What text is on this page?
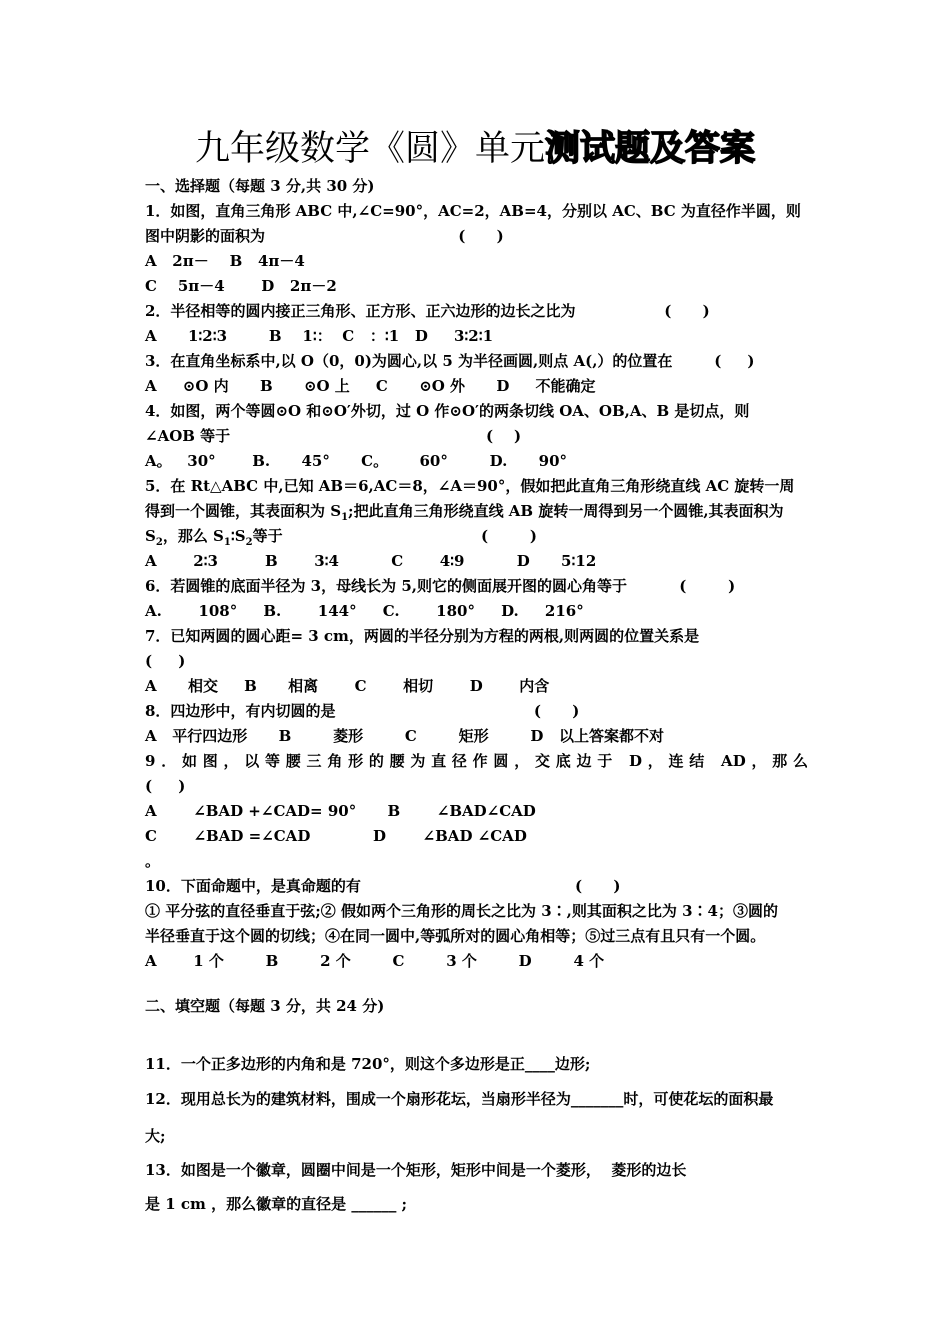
九年级数学《圆》单元测试题及答案
一、选择题（每题 3 分,共 30 分)
1．如图，直角三角形 ABC 中,∠C=90°，AC=2，AB=4，分别以 AC、BC 为直径作半圆，则
图中阴影的面积为                                     (      )
A   2π－    B   4π－4
C    5π－4       D   2π－2
2．半径相等的圆内接正三角形、正方形、正六边形的边长之比为                 (      )
A      1∶2∶3        B    1∶：  C   ：∶1   D     3∶2∶1
3．在直角坐标系中,以 O（0，0)为圆心,以 5 为半径画圆,则点 A(,）的位置在        (     )
A     ⊙O 内      B      ⊙O 上     C      ⊙O 外      D     不能确定
4．如图，两个等圆⊙O 和⊙O′外切，过 O 作⊙O′的两条切线 OA、OB,A、B 是切点，则
∠AOB 等于                                                 (    )
A。   30°       B.      45°      C。      60°        D.      90°
5．在 Rt△ABC 中,已知 AB＝6,AC＝8，∠A＝90°，假如把此直角三角形绕直线 AC 旋转一周
得到一个圆锥，其表面积为 $S_1$;把此直角三角形绕直线 AB 旋转一周得到另一个圆锥,其表面积为
$S_2$，那么 $S_1∶S_2$等于                                      (        )
A       2∶3         B       3∶4          C       4∶9          D      5∶12
6．若圆锥的底面半径为 3，母线长为 5,则它的侧面展开图的圆心角等于          (        )
A.       108°     B.       144°     C.       180°     D.     216°
7．已知两圆的圆心距= 3 cm，两圆的半径分别为方程的两根,则两圆的位置关系是
(     )
A      相交     B      相离       C       相切       D       内含
8．四边形中，有内切圆的是                                      (      )
A   平行四边形      B        菱形        C        矩形        D   以上答案都不对
9．如图，以等腰三角形的腰为直径作圆，交底边于 D，连结 AD，那么
(     )
A       ∠BAD +∠CAD= 90°      B       ∠BAD∠CAD
C       ∠BAD =∠CAD            D       ∠BAD ∠CAD
。
10．下面命题中，是真命题的有                                         (      )
① 平分弦的直径垂直于弦;② 假如两个三角形的周长之比为 3∶,则其面积之比为 3∶4；③圆的
半径垂直于这个圆的切线；④在同一圆中,等弧所对的圆心角相等；⑤过三点有且只有一个圆。
A       1 个        B        2 个        C        3 个        D        4 个
二、填空题（每题 3 分，共 24 分)
11．一个正多边形的内角和是 720°，则这个多边形是正____边形;
12．现用总长为的建筑材料，围成一个扇形花坛，当扇形半径为_______时，可使花坛的面积最
大;
13．如图是一个徽章，圆圈中间是一个矩形，矩形中间是一个菱形，  菱形的边长
是 1 cm ，那么徽章的直径是 ______ ;
